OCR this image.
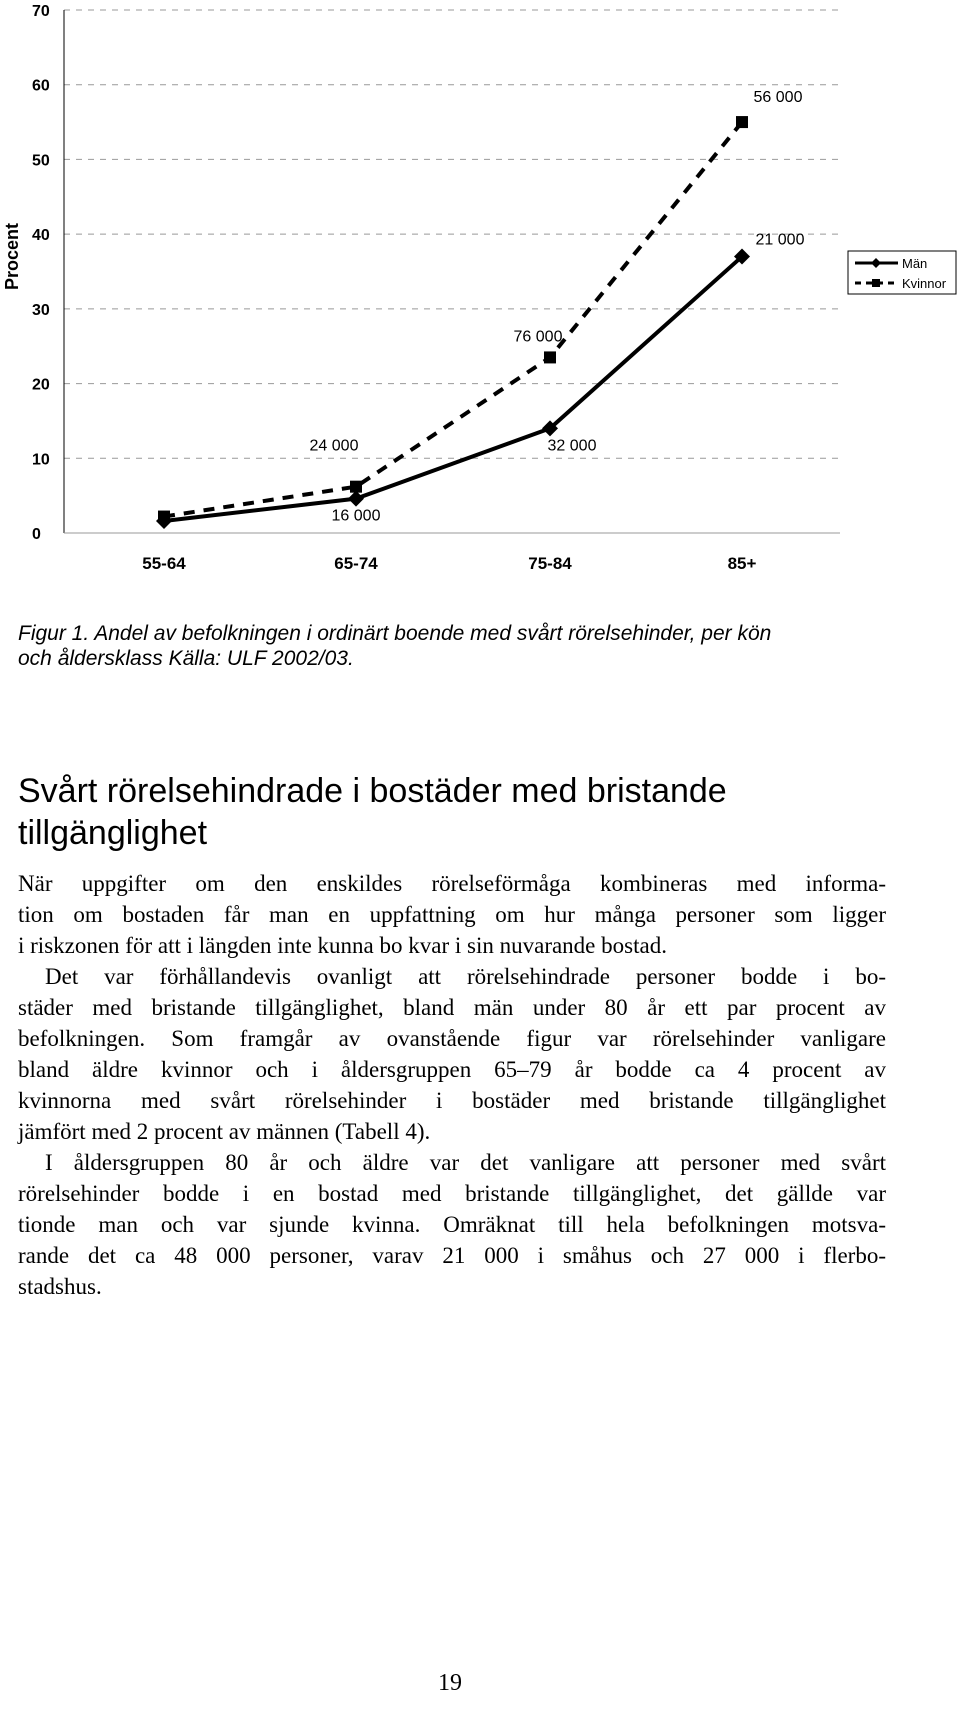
0
10
20
30
40
50
60
70
Procent
55-64	65-74	75-84	85+
16 000
32 000
21 000
24 000
76 000
56 000
Män
Kvinnor
Figur 1. Andel av befolkningen i ordinärt boende med svårt rörelsehinder, per kön
och åldersklass Källa: ULF 2002/03.
Svårt rörelsehindrade i bostäder med bristande
tillgänglighet
När uppgifter om den enskildes rörelseförmåga kombineras med informa-
tion om bostaden får man en uppfattning om hur många personer som ligger
i riskzonen för att i längden inte kunna bo kvar i sin nuvarande bostad.
Det var förhållandevis ovanligt att rörelsehindrade personer bodde i bo-
städer med bristande tillgänglighet, bland män under 80 år ett par procent av
befolkningen. Som framgår av ovanstående figur var rörelsehinder vanligare
bland äldre kvinnor och i åldersgruppen 65–79 år bodde ca 4 procent av
kvinnorna med svårt rörelsehinder i bostäder med bristande tillgänglighet
jämfört med 2 procent av männen (Tabell 4).
I åldersgruppen 80 år och äldre var det vanligare att personer med svårt
rörelsehinder bodde i en bostad med bristande tillgänglighet, det gällde var
tionde man och var sjunde kvinna. Omräknat till hela befolkningen motsva-
rande det ca 48 000 personer, varav 21 000 i småhus och 27 000 i flerbo-
stadshus.
19
